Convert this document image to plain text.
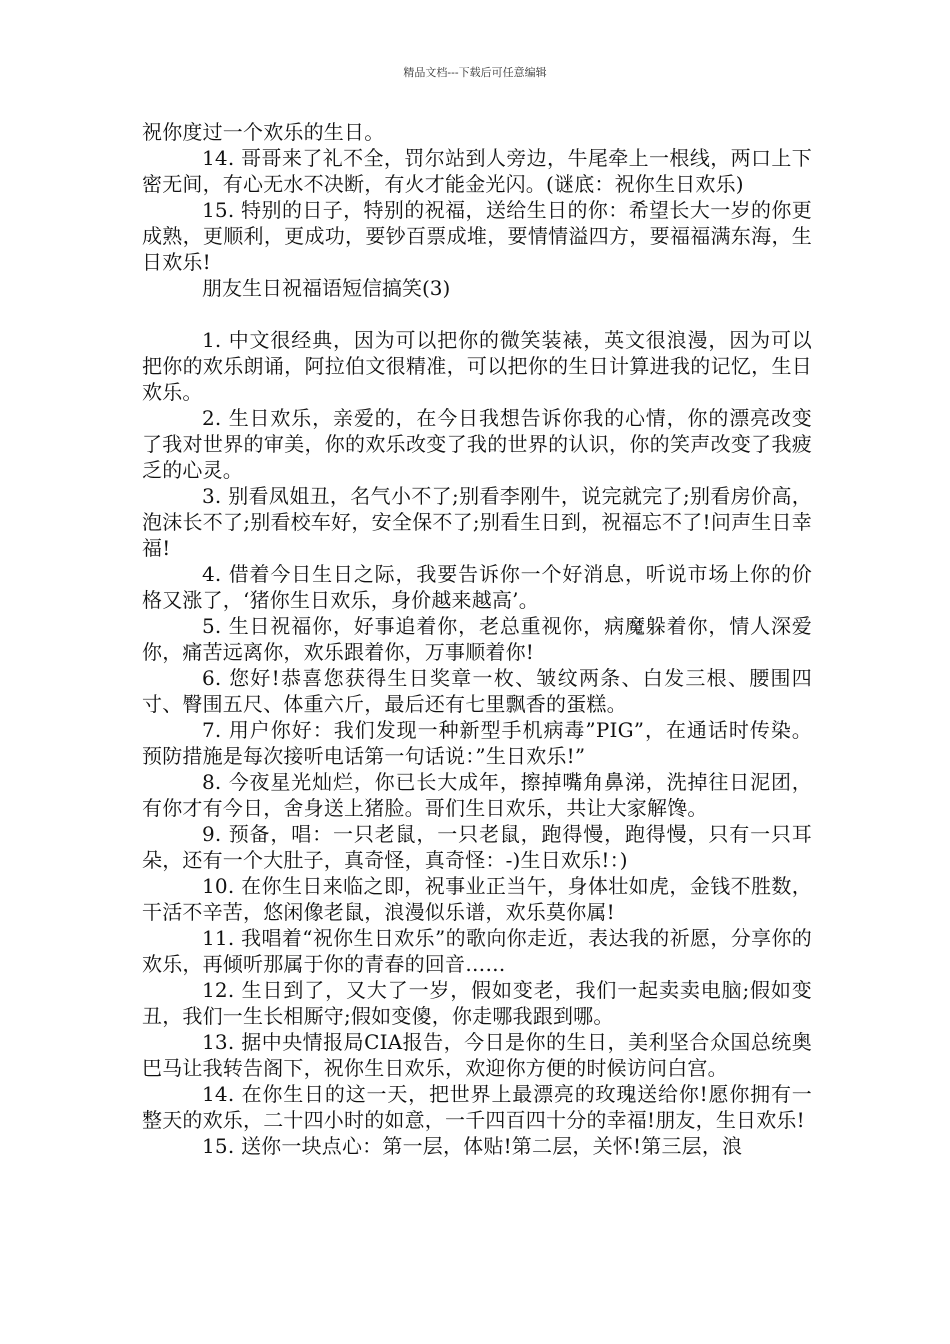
精品文档---下载后可任意编辑

祝你度过一个欢乐的生日。

14. 哥哥来了礼不全，罚尔站到人旁边，牛尾牵上一根线，两口上下密无间，有心无水不决断，有火才能金光闪。(谜底：祝你生日欢乐)

15. 特别的日子，特别的祝福，送给生日的你：希望长大一岁的你更成熟，更顺利，更成功，要钞百票成堆，要情情溢四方，要福福满东海，生日欢乐!

朋友生日祝福语短信搞笑(3)

1. 中文很经典，因为可以把你的微笑装裱，英文很浪漫，因为可以把你的欢乐朗诵，阿拉伯文很精准，可以把你的生日计算进我的记忆，生日欢乐。

2. 生日欢乐，亲爱的，在今日我想告诉你我的心情，你的漂亮改变了我对世界的审美，你的欢乐改变了我的世界的认识，你的笑声改变了我疲乏的心灵。

3. 别看凤姐丑，名气小不了;别看李刚牛，说完就完了;别看房价高，泡沫长不了;别看校车好，安全保不了;别看生日到，祝福忘不了!问声生日幸福!

4. 借着今日生日之际，我要告诉你一个好消息，听说市场上你的价格又涨了，‘猪你生日欢乐，身价越来越高’。

5. 生日祝福你，好事追着你，老总重视你，病魔躲着你，情人深爱你，痛苦远离你，欢乐跟着你，万事顺着你!

6. 您好!恭喜您获得生日奖章一枚、皱纹两条、白发三根、腰围四寸、臀围五尺、体重六斤，最后还有七里飘香的蛋糕。

7. 用户你好：我们发现一种新型手机病毒”PIG”，在通话时传染。预防措施是每次接听电话第一句话说：”生日欢乐!”

8. 今夜星光灿烂，你已长大成年，擦掉嘴角鼻涕，洗掉往日泥团，有你才有今日，舍身送上猪脸。哥们生日欢乐，共让大家解馋。

9. 预备，唱：一只老鼠，一只老鼠，跑得慢，跑得慢，只有一只耳朵，还有一个大肚子，真奇怪，真奇怪：-)生日欢乐!：)

10. 在你生日来临之即，祝事业正当午，身体壮如虎，金钱不胜数，干活不辛苦，悠闲像老鼠，浪漫似乐谱，欢乐莫你属!

11. 我唱着“祝你生日欢乐”的歌向你走近，表达我的祈愿，分享你的欢乐，再倾听那属于你的青春的回音……

12. 生日到了，又大了一岁，假如变老，我们一起卖卖电脑;假如变丑，我们一生长相厮守;假如变傻，你走哪我跟到哪。

13. 据中央情报局CIA报告，今日是你的生日，美利坚合众国总统奥巴马让我转告阁下，祝你生日欢乐，欢迎你方便的时候访问白宫。

14. 在你生日的这一天，把世界上最漂亮的玫瑰送给你!愿你拥有一整天的欢乐，二十四小时的如意，一千四百四十分的幸福!朋友，生日欢乐!

15. 送你一块点心：第一层，体贴!第二层，关怀!第三层，浪
